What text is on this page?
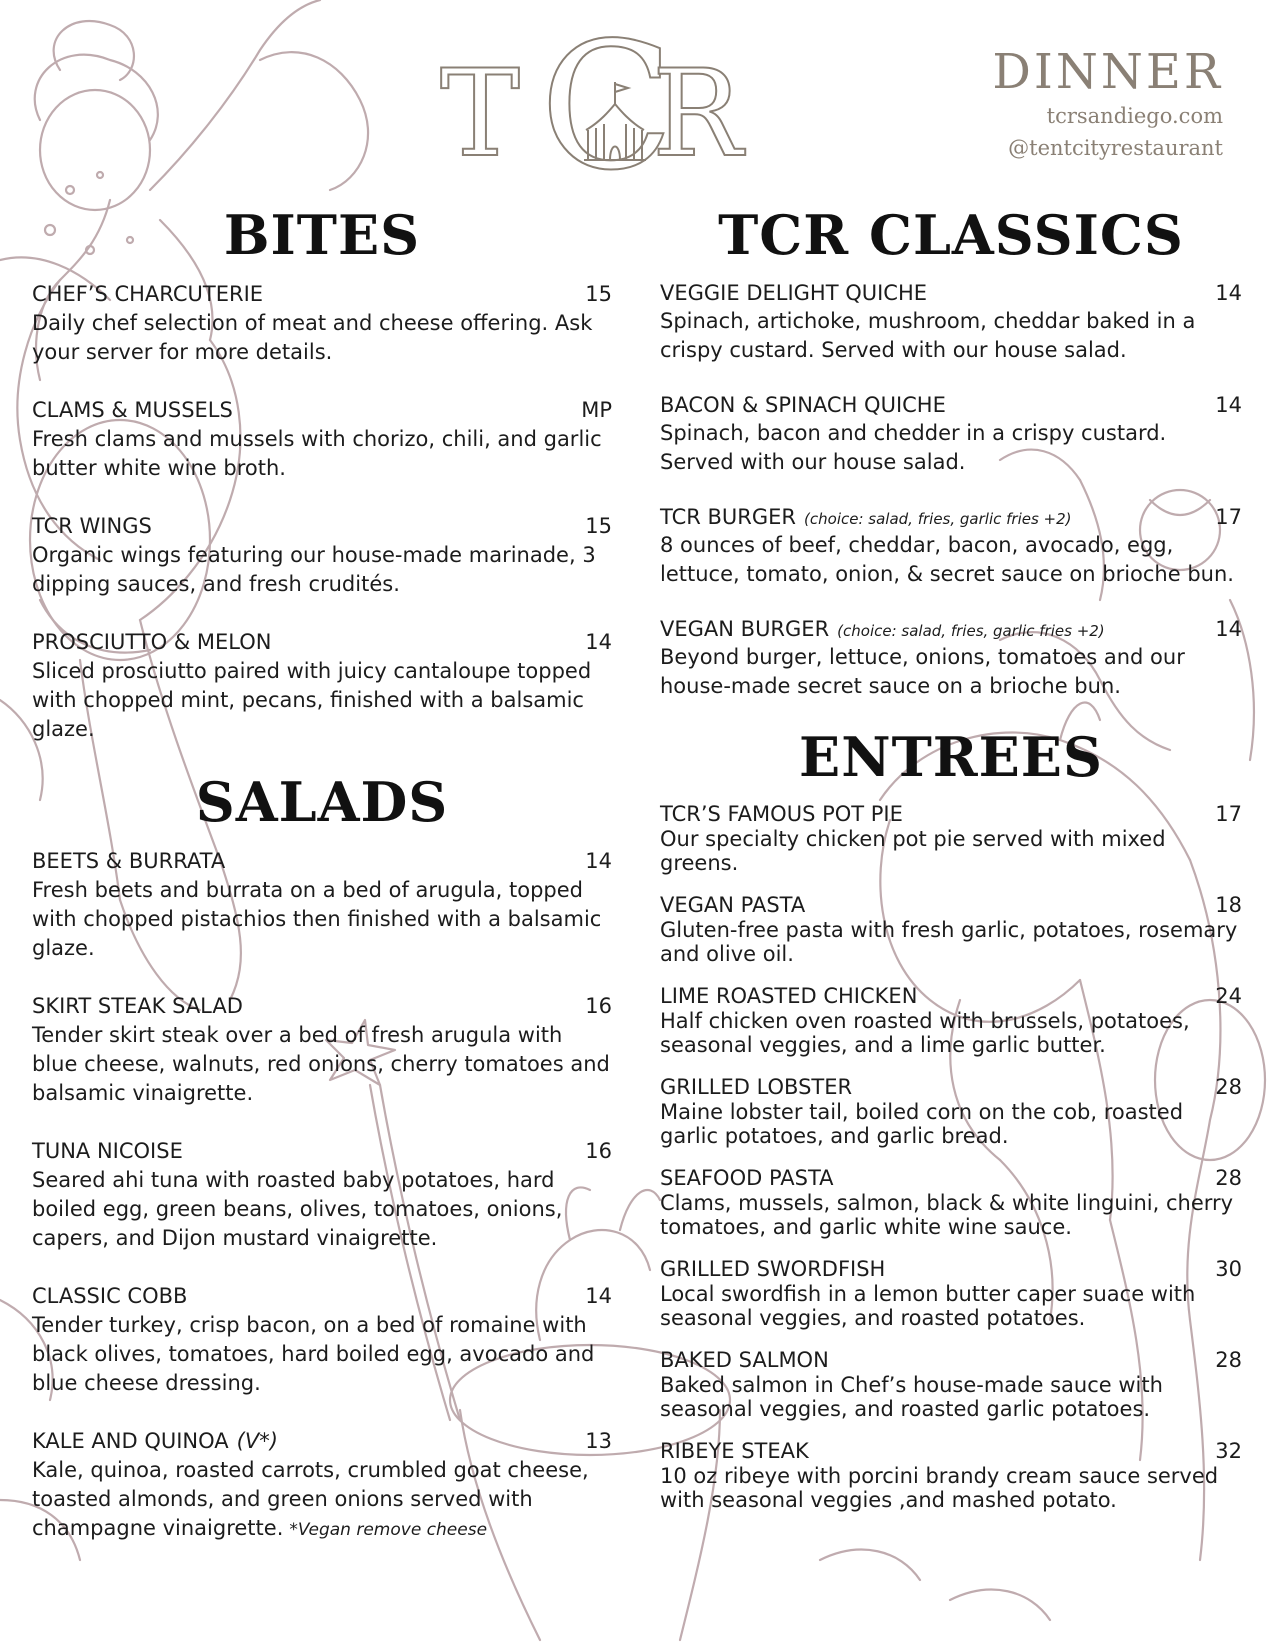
T C
R	DINNER
tcrsandiego.com
@tentcityrestaurant
BITES
CHEF’S CHARCUTERIE	15
Daily chef selection of meat and cheese offering. Ask your server for more details.
CLAMS & MUSSELS	MP
Fresh clams and mussels with chorizo, chili, and garlic butter white wine broth.
TCR WINGS	15
Organic wings featuring our house-made marinade, 3 dipping sauces, and fresh crudités.
PROSCIUTTO & MELON	14
Sliced prosciutto paired with juicy cantaloupe topped with chopped mint, pecans, finished with a balsamic glaze.
SALADS
BEETS & BURRATA	14
Fresh beets and burrata on a bed of arugula, topped with chopped pistachios then finished with a balsamic glaze.
SKIRT STEAK SALAD	16
Tender skirt steak over a bed of fresh arugula with blue cheese, walnuts, red onions, cherry tomatoes and balsamic vinaigrette.
TUNA NICOISE	16
Seared ahi tuna with roasted baby potatoes, hard boiled egg, green beans, olives, tomatoes, onions, capers, and Dijon mustard vinaigrette.
CLASSIC COBB	14
Tender turkey, crisp bacon, on a bed of romaine with black olives, tomatoes, hard boiled egg, avocado and blue cheese dressing.
KALE AND QUINOA (V*)	13
Kale, quinoa, roasted carrots, crumbled goat cheese, toasted almonds, and green onions served with champagne vinaigrette. *Vegan remove cheese
TCR CLASSICS
VEGGIE DELIGHT QUICHE	14
Spinach, artichoke, mushroom, cheddar baked in a crispy custard. Served with our house salad.
BACON & SPINACH QUICHE	14
Spinach, bacon and chedder in a crispy custard. Served with our house salad.
TCR BURGER (choice: salad, fries, garlic fries +2)	17
8 ounces of beef, cheddar, bacon, avocado, egg, lettuce, tomato, onion, & secret sauce on brioche bun.
VEGAN BURGER (choice: salad, fries, garlic fries +2)	14
Beyond burger, lettuce, onions, tomatoes and our house-made secret sauce on a brioche bun.
ENTREES
TCR’S FAMOUS POT PIE	17
Our specialty chicken pot pie served with mixed greens.
VEGAN PASTA	18
Gluten-free pasta with fresh garlic, potatoes, rosemary and olive oil.
LIME ROASTED CHICKEN	24
Half chicken oven roasted with brussels, potatoes, seasonal veggies, and a lime garlic butter.
GRILLED LOBSTER	28
Maine lobster tail, boiled corn on the cob, roasted garlic potatoes, and garlic bread.
SEAFOOD PASTA	28
Clams, mussels, salmon, black & white linguini, cherry tomatoes, and garlic white wine sauce.
GRILLED SWORDFISH	30
Local swordfish in a lemon butter caper suace with seasonal veggies, and roasted potatoes.
BAKED SALMON	28
Baked salmon in Chef’s house-made sauce with seasonal veggies, and roasted garlic potatoes.
RIBEYE STEAK	32
10 oz ribeye with porcini brandy cream sauce served with seasonal veggies ,and mashed potato.
